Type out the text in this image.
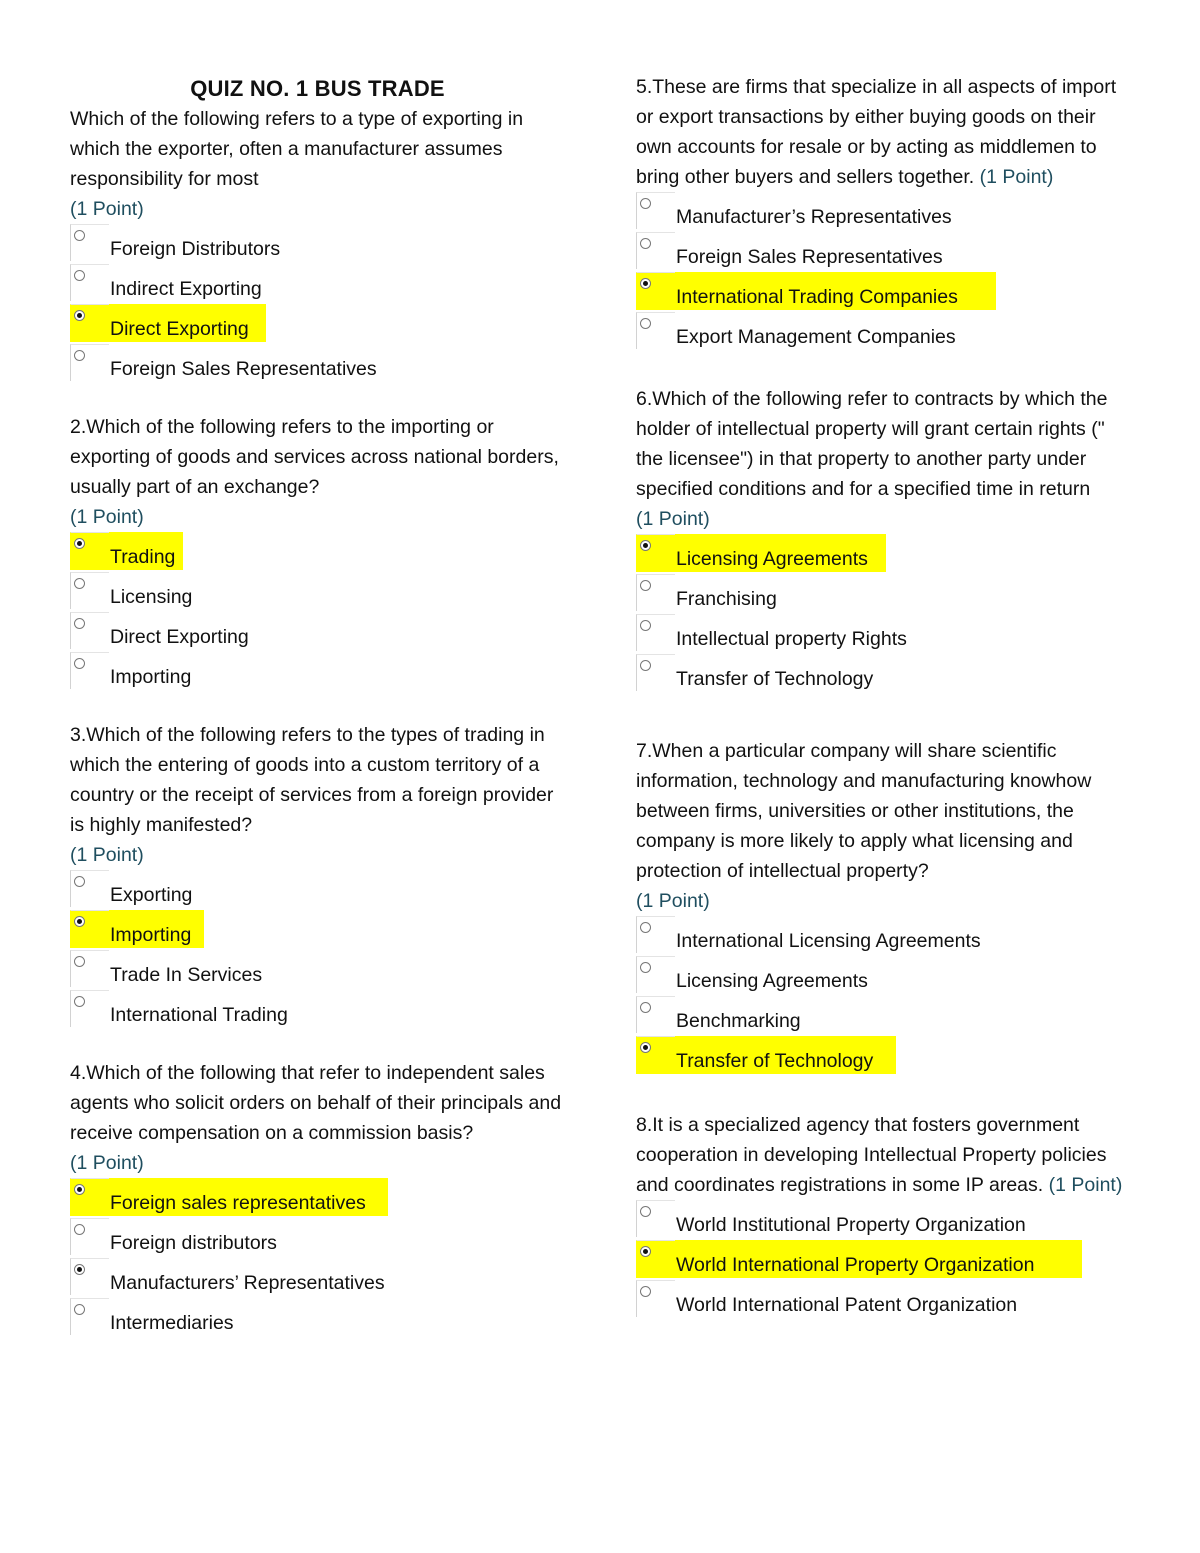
QUIZ NO. 1 BUS TRADE
Which of the following refers to a type of exporting in which the exporter, often a manufacturer assumes responsibility for most
(1 Point)
Foreign Distributors
Indirect Exporting
Direct Exporting
Foreign Sales Representatives
2.Which of the following refers to the importing or exporting of goods and services across national borders, usually part of an exchange?
(1 Point)
Trading
Licensing
Direct Exporting
Importing
3.Which of the following refers to the types of trading in which the entering of goods into a custom territory of a country or the receipt of services from a foreign provider is highly manifested?
(1 Point)
Exporting
Importing
Trade In Services
International Trading
4.Which of the following that refer to independent sales agents who solicit orders on behalf of their principals and receive compensation on a commission basis?
(1 Point)
Foreign sales representatives
Foreign distributors
Manufacturers’ Representatives
Intermediaries
5.These are firms that specialize in all aspects of import or export transactions by either buying goods on their own accounts for resale or by acting as middlemen to bring other buyers and sellers together. (1 Point)
Manufacturer’s Representatives
Foreign Sales Representatives
International Trading Companies
Export Management Companies
6.Which of the following refer to contracts by which the holder of intellectual property will grant certain rights (" the licensee") in that property to another party under specified conditions and for a specified time in return
(1 Point)
Licensing Agreements
Franchising
Intellectual property Rights
Transfer of Technology
7.When a particular company will share scientific information, technology and manufacturing knowhow between firms, universities or other institutions, the company is more likely to apply what licensing and protection of intellectual property?
(1 Point)
International Licensing Agreements
Licensing Agreements
Benchmarking
Transfer of Technology
8.It is a specialized agency that fosters government cooperation in developing Intellectual Property policies and coordinates registrations in some IP areas. (1 Point)
World Institutional Property Organization
World International Property Organization
World International Patent Organization
